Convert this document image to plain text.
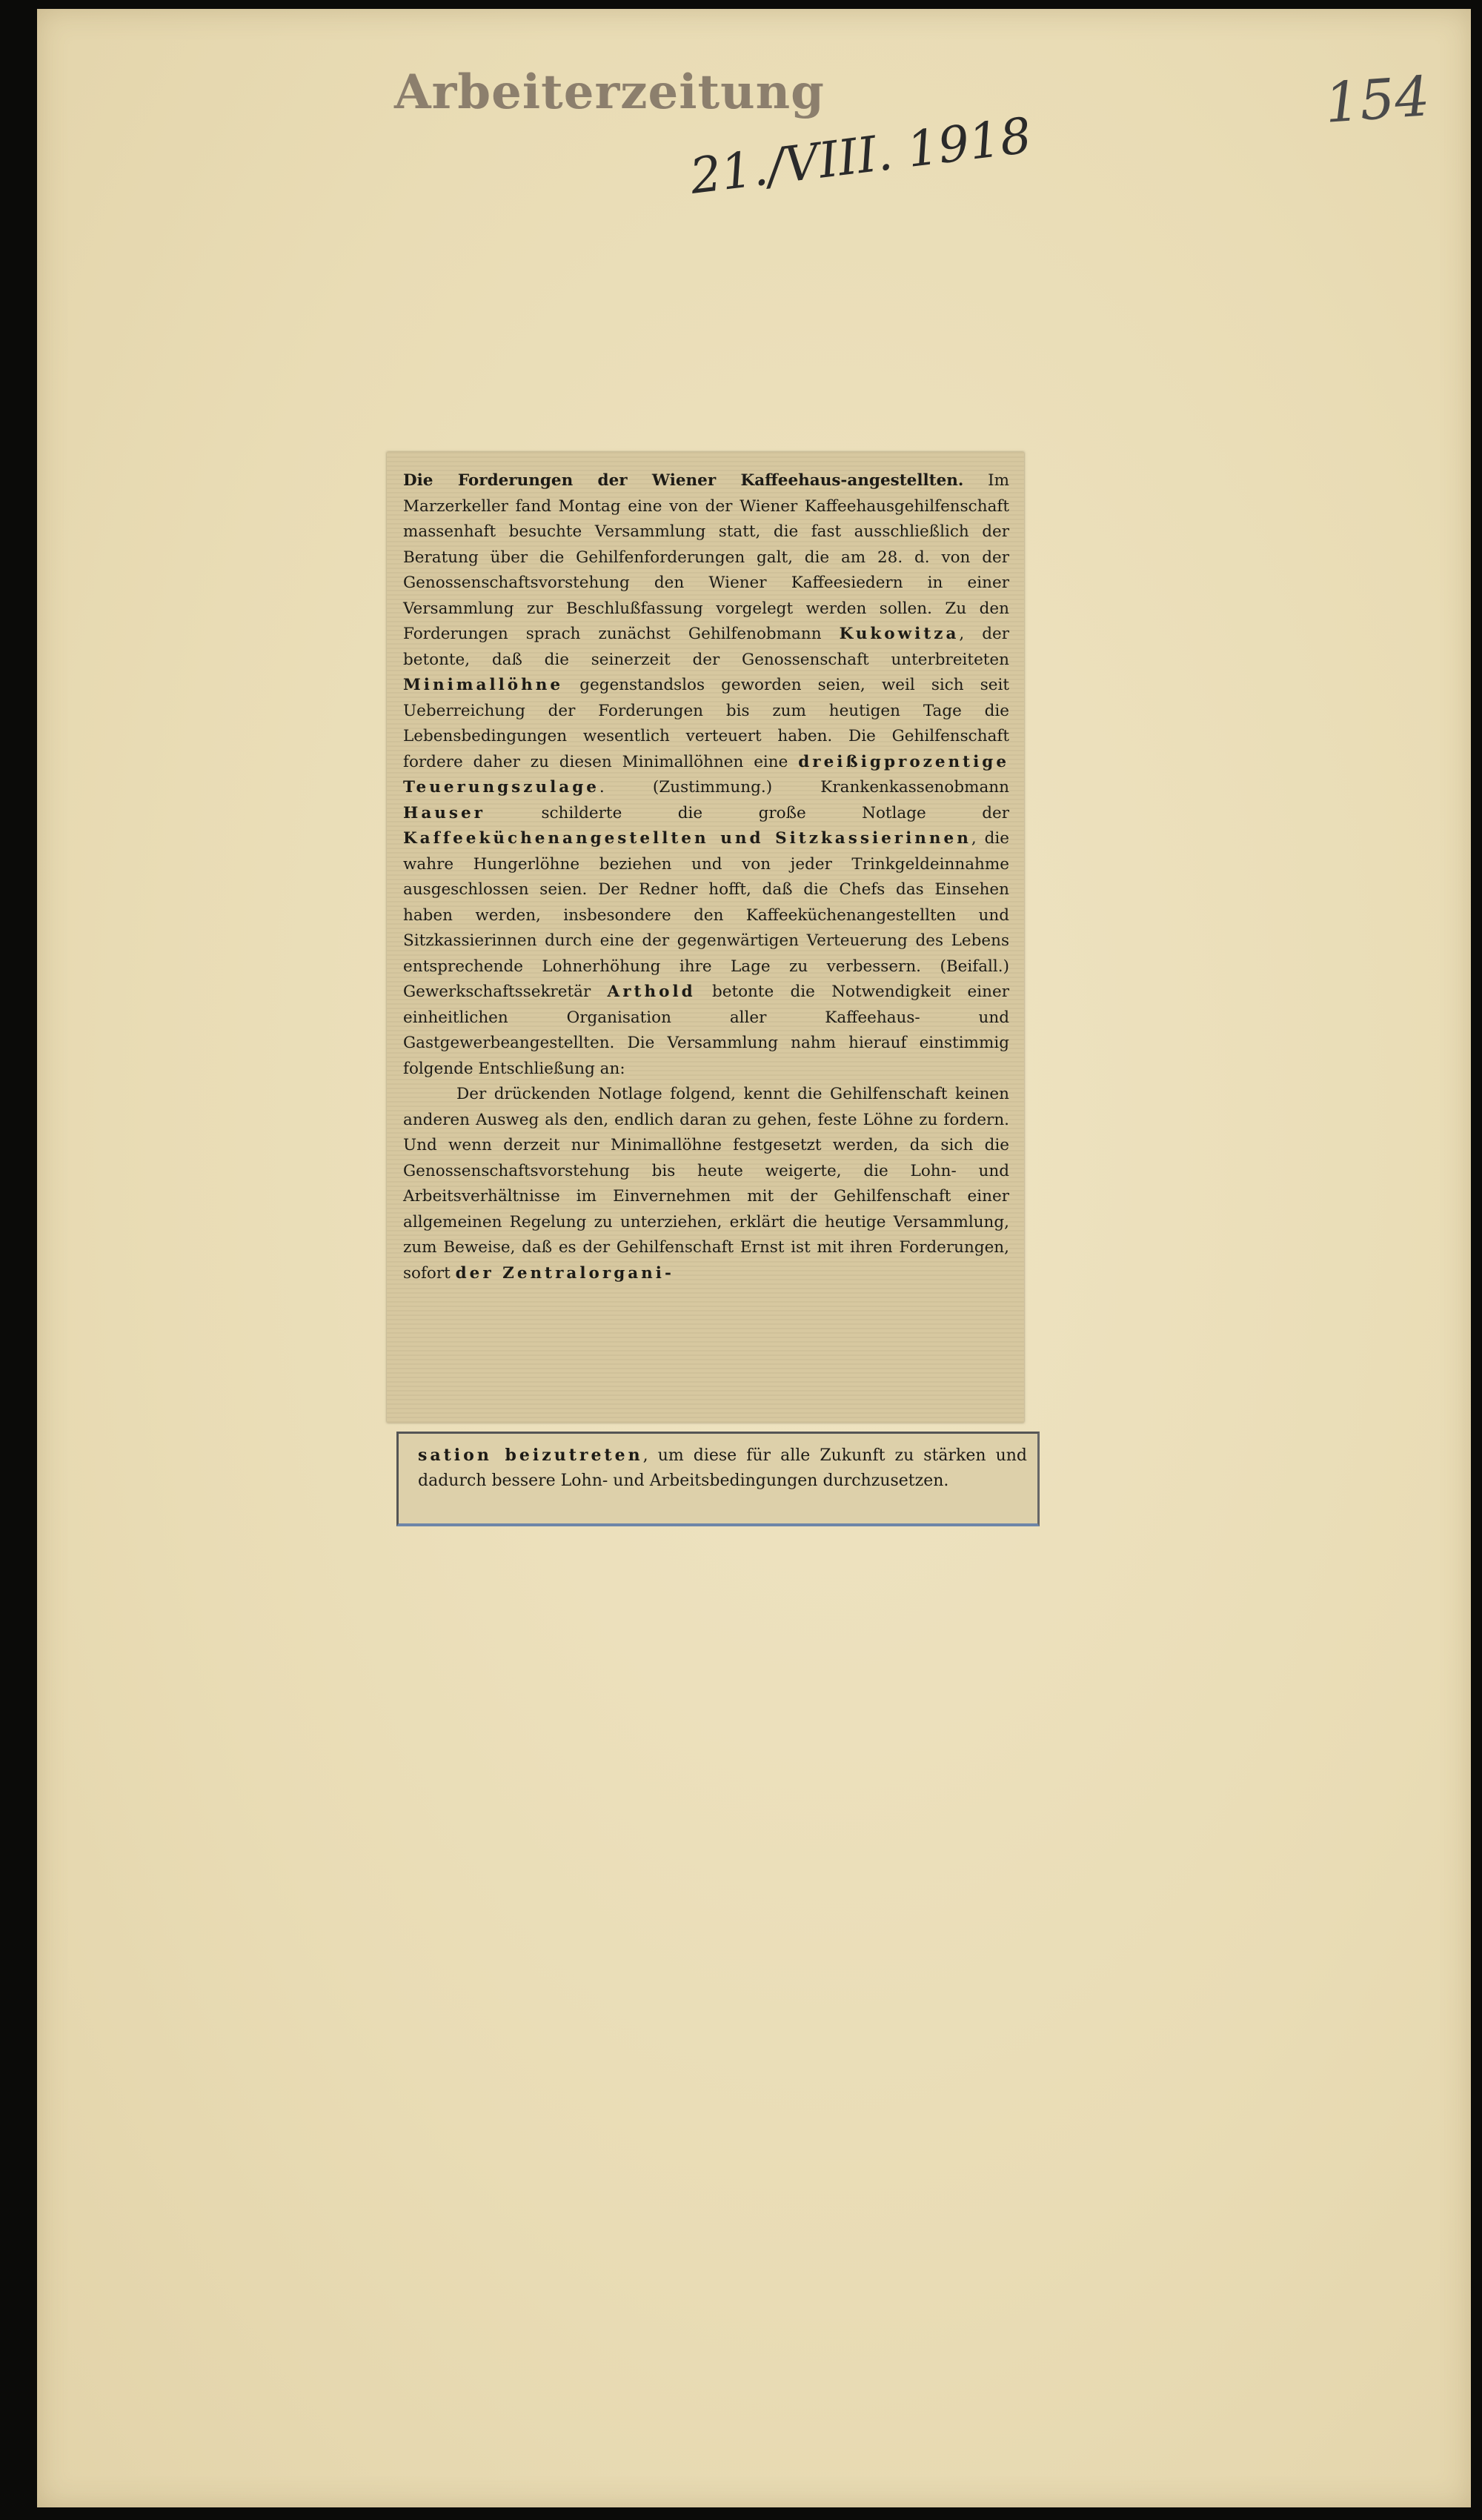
Arbeiterzeitung
21./VIII. 1918
154

Die Forderungen der Wiener Kaffeehaus-angestellten. Im Marzerkeller fand Montag eine von der Wiener Kaffeehausgehilfenschaft massenhaft besuchte Versammlung statt, die fast ausschließlich der Beratung über die Gehilfenforderungen galt, die am 28. d. von der Genossenschaftsvorstehung den Wiener Kaffeesiedern in einer Versammlung zur Beschlußfassung vorgelegt werden sollen. Zu den Forderungen sprach zunächst Gehilfenobmann Kukowitza, der betonte, daß die seinerzeit der Genossenschaft unterbreiteten Minimallöhne gegenstandslos geworden seien, weil sich seit Ueberreichung der Forderungen bis zum heutigen Tage die Lebensbedingungen wesentlich verteuert haben. Die Gehilfenschaft fordere daher zu diesen Minimallöhnen eine dreißigprozentige Teuerungszulage. (Zustimmung.) Krankenkassenobmann Hauser	schilderte die große Notlage der Kaffeeküchenangestellten und Sitzkassierinnen, die wahre Hungerlöhne beziehen und von jeder Trinkgeldeinnahme ausgeschlossen seien. Der Redner hofft, daß die Chefs das Einsehen haben werden, insbesondere den Kaffeeküchenangestellten und Sitzkassierinnen durch eine der gegenwärtigen Verteuerung des Lebens entsprechende Lohnerhöhung ihre Lage zu verbessern. (Beifall.) Gewerkschaftssekretär Arthold betonte die Notwendigkeit einer einheitlichen Organisation aller Kaffeehaus- und Gastgewerbeangestellten. Die Versammlung nahm hierauf einstimmig folgende Entschließung an:

Der drückenden Notlage folgend, kennt die Gehilfenschaft keinen anderen Ausweg als den, endlich daran zu gehen, feste Löhne zu fordern. Und wenn derzeit nur Minimallöhne festgesetzt werden, da sich die Genossenschaftsvorstehung bis heute weigerte, die Lohn- und Arbeitsverhältnisse im Einvernehmen mit der Gehilfenschaft einer allgemeinen Regelung zu unterziehen, erklärt die heutige Versammlung, zum Beweise, daß es der Gehilfenschaft Ernst ist mit ihren Forderungen, sofort der Zentralorgani-

sation beizutreten, um diese für alle Zukunft zu stärken und dadurch bessere Lohn- und Arbeitsbedingungen durchzusetzen.
